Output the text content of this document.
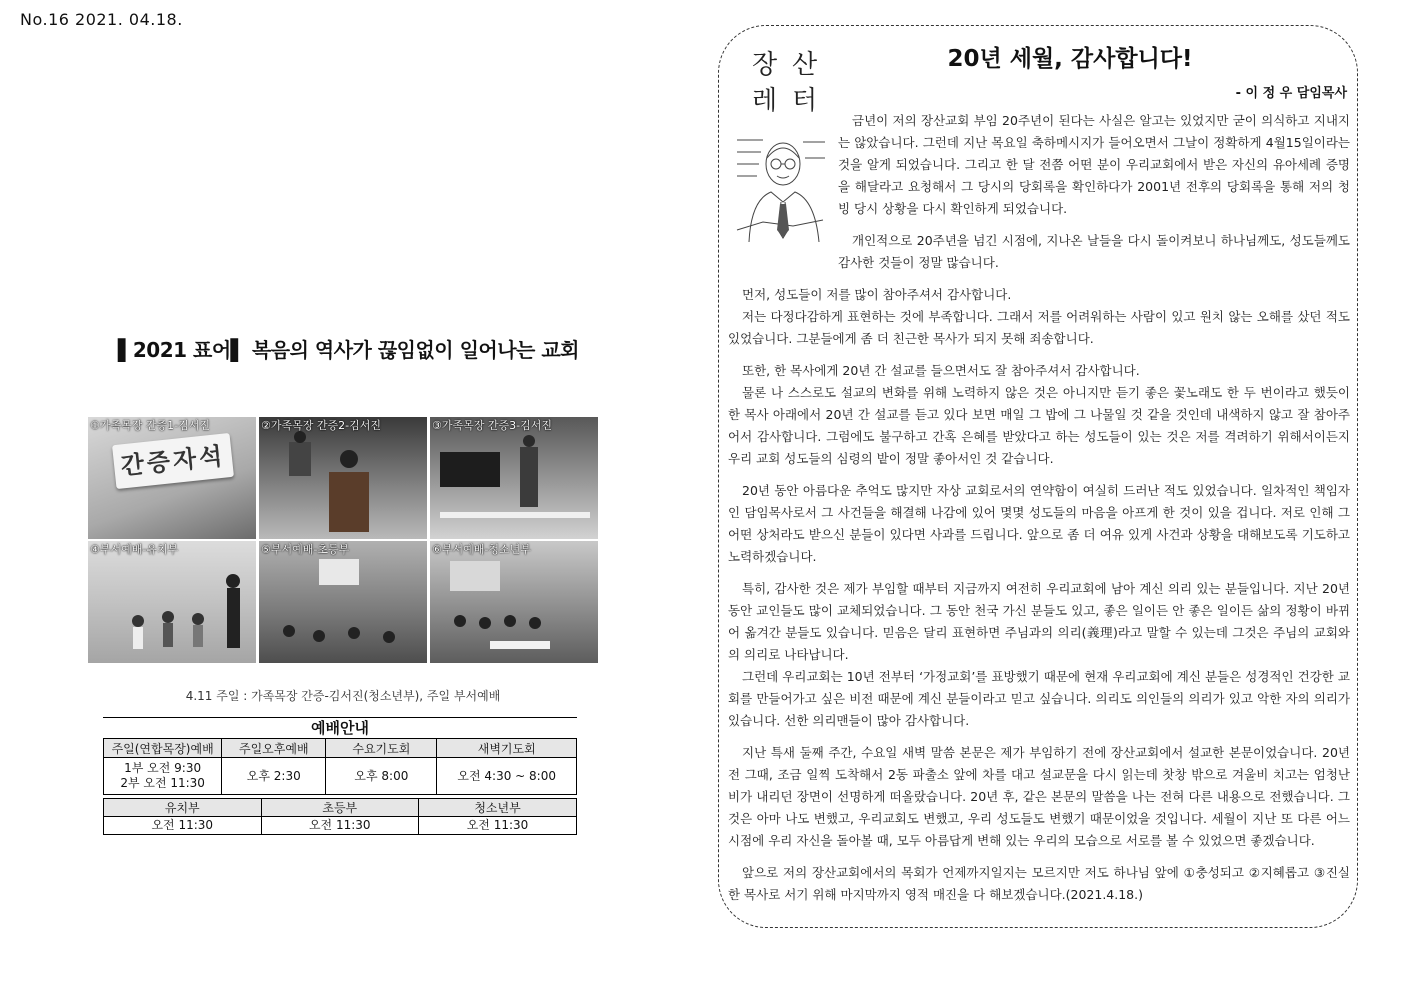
No.16 2021. 04.18.
▌2021 표어▌ 복음의 역사가 끊임없이 일어나는 교회
간증자석
①가족목장 간증1-김서진	②가족목장 간증2-김서진	③가족목장 간증3-김서진
④부서예배-유치부	⑤부서예배-초등부	⑥부서예배-청소년부
4.11 주일 : 가족목장 간증-김서진(청소년부), 주일 부서예배
예배안내
주일(연합목장)예배	주일오후예배	수요기도회	새벽기도회

1부 오전 9:30
2부 오전 11:30	오후 2:30	오후 8:00	오전 4:30 ~ 8:00
유치부	초등부	청소년부
오전 11:30	오전 11:30	오전 11:30
장 산
레 터
20년 세월, 감사합니다!
- 이 정 우 담임목사

금년이 저의 장산교회 부임 20주년이 된다는 사실은 알고는 있었지만 굳이 의식하고 지내지는 않았습니다. 그런데 지난 목요일 축하메시지가 들어오면서 그날이 정확하게 4월15일이라는 것을 알게 되었습니다. 그리고 한 달 전쯤 어떤 분이 우리교회에서 받은 자신의 유아세례 증명을 해달라고 요청해서 그 당시의 당회록을 확인하다가 2001년 전후의 당회록을 통해 저의 청빙 당시 상황을 다시 확인하게 되었습니다.

개인적으로 20주년을 넘긴 시점에, 지나온 날들을 다시 돌이켜보니 하나님께도, 성도들께도 감사한 것들이 정말 많습니다.

먼저, 성도들이 저를 많이 참아주셔서 감사합니다.

저는 다정다감하게 표현하는 것에 부족합니다. 그래서 저를 어려워하는 사람이 있고 원치 않는 오해를 샀던 적도 있었습니다. 그분들에게 좀 더 친근한 목사가 되지 못해 죄송합니다.

또한, 한 목사에게 20년 간 설교를 들으면서도 잘 참아주셔서 감사합니다.

물론 나 스스로도 설교의 변화를 위해 노력하지 않은 것은 아니지만 듣기 좋은 꽃노래도 한 두 번이라고 했듯이 한 목사 아래에서 20년 간 설교를 듣고 있다 보면 매일 그 밥에 그 나물일 것 같을 것인데 내색하지 않고 잘 참아주어서 감사합니다. 그럼에도 불구하고 간혹 은혜를 받았다고 하는 성도들이 있는 것은 저를 격려하기 위해서이든지 우리 교회 성도들의 심령의 밭이 정말 좋아서인 것 같습니다.

20년 동안 아름다운 추억도 많지만 자상 교회로서의 연약함이 여실히 드러난 적도 있었습니다. 일차적인 책임자인 담임목사로서 그 사건들을 해결해 나감에 있어 몇몇 성도들의 마음을 아프게 한 것이 있을 겁니다. 저로 인해 그 어떤 상처라도 받으신 분들이 있다면 사과를 드립니다. 앞으로 좀 더 여유 있게 사건과 상황을 대해보도록 기도하고 노력하겠습니다.

특히, 감사한 것은 제가 부임할 때부터 지금까지 여전히 우리교회에 남아 계신 의리 있는 분들입니다. 지난 20년 동안 교인들도 많이 교체되었습니다. 그 동안 천국 가신 분들도 있고, 좋은 일이든 안 좋은 일이든 삶의 정황이 바뀌어 옮겨간 분들도 있습니다. 믿음은 달리 표현하면 주님과의 의리(義理)라고 말할 수 있는데 그것은 주님의 교회와의 의리로 나타납니다.

그런데 우리교회는 10년 전부터 ‘가정교회’를 표방했기 때문에 현재 우리교회에 계신 분들은 성경적인 건강한 교회를 만들어가고 싶은 비전 때문에 계신 분들이라고 믿고 싶습니다. 의리도 의인들의 의리가 있고 악한 자의 의리가 있습니다. 선한 의리맨들이 많아 감사합니다.

지난 특새 둘째 주간, 수요일 새벽 말씀 본문은 제가 부임하기 전에 장산교회에서 설교한 본문이었습니다. 20년 전 그때, 조금 일찍 도착해서 2동 파출소 앞에 차를 대고 설교문을 다시 읽는데 찻창 밖으로 겨울비 치고는 엄청난 비가 내리던 장면이 선명하게 떠올랐습니다. 20년 후, 같은 본문의 말씀을 나는 전혀 다른 내용으로 전했습니다. 그것은 아마 나도 변했고, 우리교회도 변했고, 우리 성도들도 변했기 때문이었을 것입니다. 세월이 지난 또 다른 어느 시점에 우리 자신을 돌아볼 때, 모두 아름답게 변해 있는 우리의 모습으로 서로를 볼 수 있었으면 좋겠습니다.

앞으로 저의 장산교회에서의 목회가 언제까지일지는 모르지만 저도 하나님 앞에 ①충성되고 ②지혜롭고 ③진실한 목사로 서기 위해 마지막까지 영적 매진을 다 해보겠습니다.(2021.4.18.)
